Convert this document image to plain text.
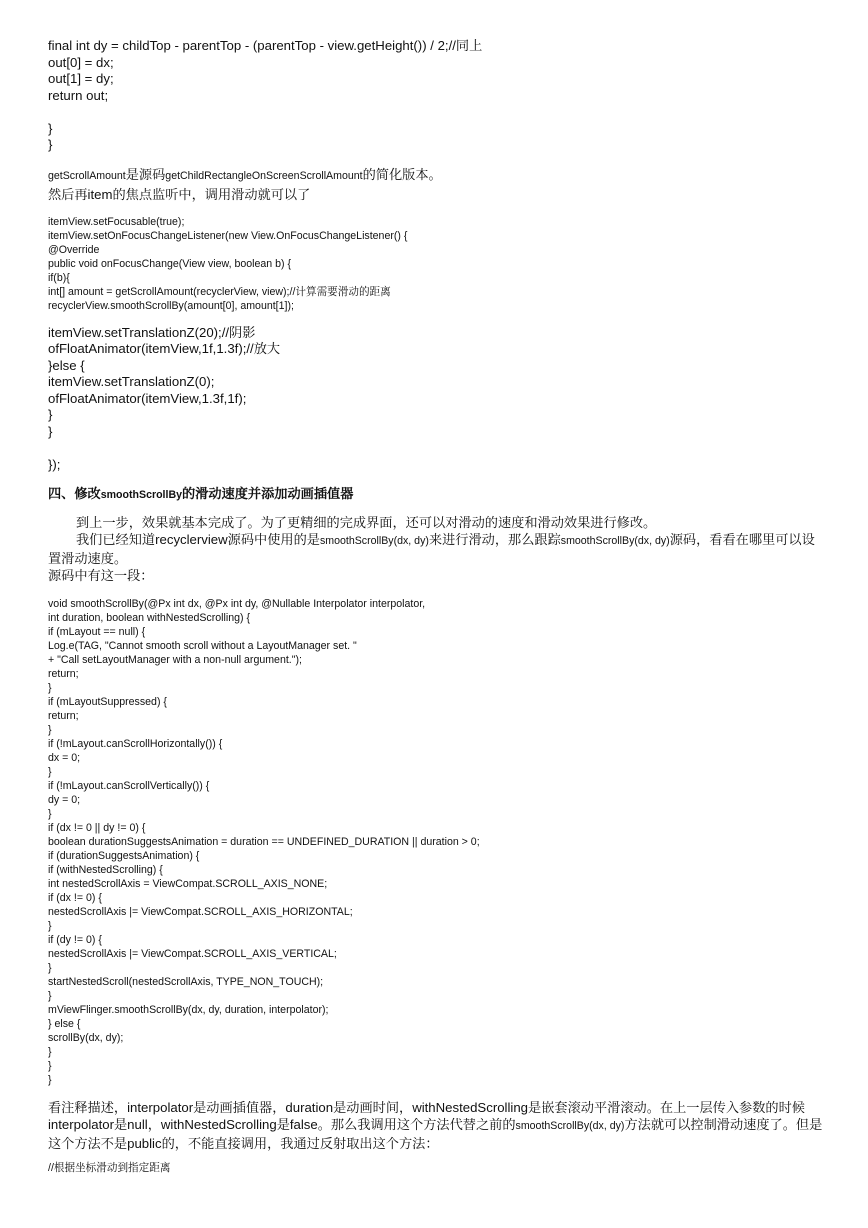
final int dy = childTop - parentTop - (parentTop - view.getHeight()) / 2;//同上
out[0] = dx;
out[1] = dy;
return out;
}
}
getScrollAmount是源码getChildRectangleOnScreenScrollAmount的简化版本。
然后再item的焦点监听中，调用滑动就可以了
itemView.setFocusable(true);
itemView.setOnFocusChangeListener(new View.OnFocusChangeListener() {
@Override
public void onFocusChange(View view, boolean b) {
if(b){
int[] amount = getScrollAmount(recyclerView, view);//计算需要滑动的距离
recyclerView.smoothScrollBy(amount[0], amount[1]);
itemView.setTranslationZ(20);//阴影
ofFloatAnimator(itemView,1f,1.3f);//放大
}else {
itemView.setTranslationZ(0);
ofFloatAnimator(itemView,1.3f,1f);
}
}
});
四、修改smoothScrollBy的滑动速度并添加动画插值器
到上一步，效果就基本完成了。为了更精细的完成界面，还可以对滑动的速度和滑动效果进行修改。
我们已经知道recyclerview源码中使用的是smoothScrollBy(dx, dy)来进行滑动，那么跟踪smoothScrollBy(dx, dy)源码，看看在哪里可以设置滑动速度。
源码中有这一段：
void smoothScrollBy(@Px int dx, @Px int dy, @Nullable Interpolator interpolator,
int duration, boolean withNestedScrolling) {
if (mLayout == null) {
Log.e(TAG, "Cannot smooth scroll without a LayoutManager set. "
+ "Call setLayoutManager with a non-null argument.");
return;
}
if (mLayoutSuppressed) {
return;
}
if (!mLayout.canScrollHorizontally()) {
dx = 0;
}
if (!mLayout.canScrollVertically()) {
dy = 0;
}
if (dx != 0 || dy != 0) {
boolean durationSuggestsAnimation = duration == UNDEFINED_DURATION || duration > 0;
if (durationSuggestsAnimation) {
if (withNestedScrolling) {
int nestedScrollAxis = ViewCompat.SCROLL_AXIS_NONE;
if (dx != 0) {
nestedScrollAxis |= ViewCompat.SCROLL_AXIS_HORIZONTAL;
}
if (dy != 0) {
nestedScrollAxis |= ViewCompat.SCROLL_AXIS_VERTICAL;
}
startNestedScroll(nestedScrollAxis, TYPE_NON_TOUCH);
}
mViewFlinger.smoothScrollBy(dx, dy, duration, interpolator);
} else {
scrollBy(dx, dy);
}
}
}
看注释描述，interpolator是动画插值器，duration是动画时间，withNestedScrolling是嵌套滚动平滑滚动。在上一层传入参数的时候interpolator是null，withNestedScrolling是false。那么我调用这个方法代替之前的smoothScrollBy(dx, dy)方法就可以控制滑动速度了。但是这个方法不是public的，不能直接调用，我通过反射取出这个方法：
//根据坐标滑动到指定距离
